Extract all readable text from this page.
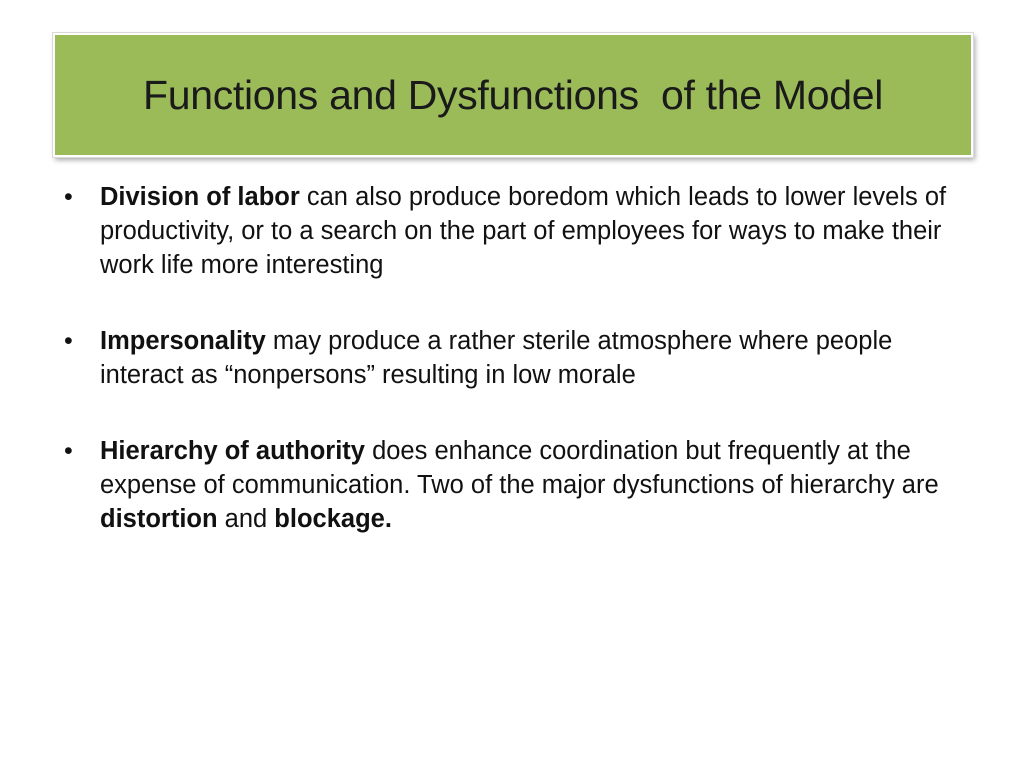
Functions and Dysfunctions  of the Model
• Division of labor can also produce boredom which leads to lower levels of productivity, or to a search on the part of employees for ways to make their work life more interesting
• Impersonality may produce a rather sterile atmosphere where people interact as “nonpersons” resulting in low morale
• Hierarchy of authority does enhance coordination but frequently at the expense of communication. Two of the major dysfunctions of hierarchy are distortion and blockage.
